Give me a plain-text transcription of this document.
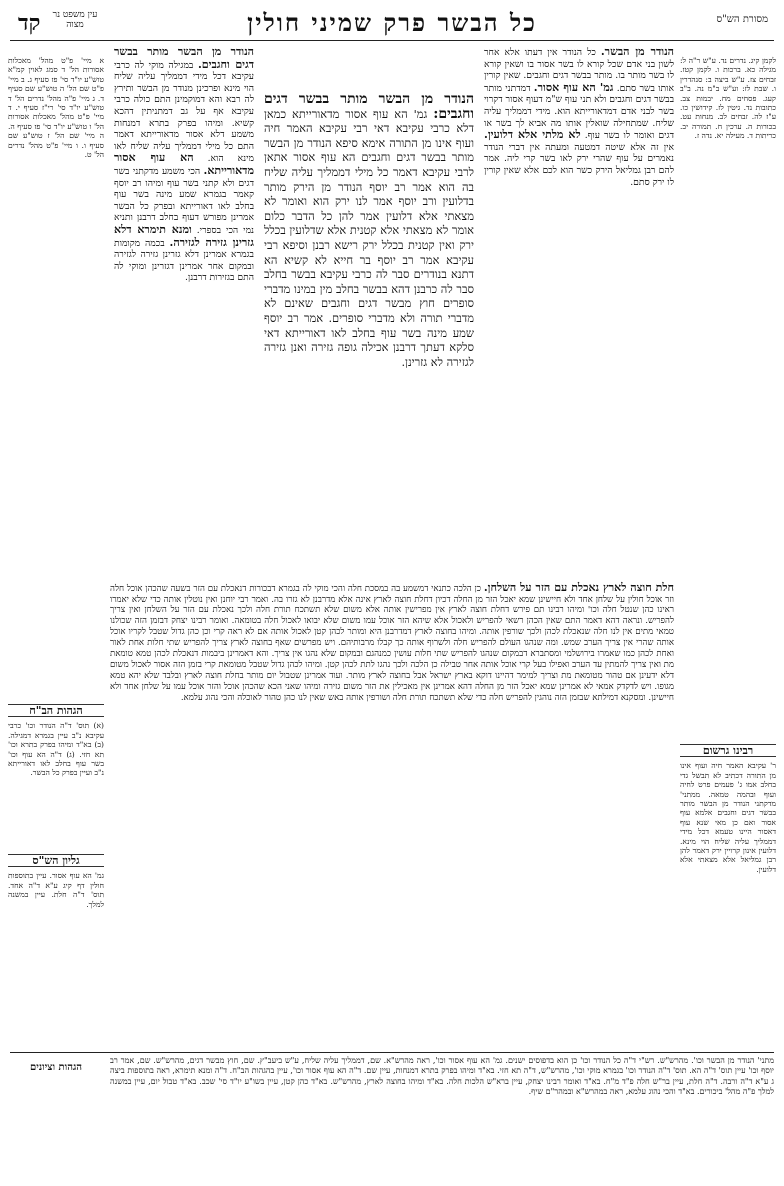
מסורת הש"ס
כל הבשר פרק שמיני חולין
עין משפט נר מצוה
קד

לקמן קיג. נדרים נד. ע"ש ר"ה ל: מגילה כא. ברכות ו. לקמן קטז. זבחים צז. ע"ש ביצה ב: סנהדרין ו. שבת לז: וע"ש ב"מ נה. ב"ב קעג. פסחים מח. יבמות צב. כתובות נד. גיטין לז. קידושין כו. ע"ז לה. זבחים לב. מנחות עט. בכורות ה. ערכין ח. תמורה יב. כריתות ד. מעילה יא. נדה ז.

הנודר מן הבשר. כל הנודר אין דעתו אלא אחר לשון בני אדם שכל קורא לו בשר אסור בו ושאין קורא לו בשר מותר בו. מותר בבשר דגים וחגבים. שאין קורין אותו בשר סתם. גמ' הא עוף אסור. דמדתני מותר בבשר דגים וחגבים ולא תני עוף ש"מ דעוף אסור דקרוי בשר לבני אדם דמדאורייתא הוא. מידי דממליך עליה שליח. שמתחילה שואלין אותו מה אביא לך בשר או דגים ואומר לו בשר עוף. לא מלתי אלא דלועין. אין זה אלא שיטה דמטעה ומעתה אין דברי הנודר נאמרים על עוף שהרי ירק לאו בשר קרי ליה. אמר להם רבן גמליאל הירק כשר הוא לכם אלא שאין קורין לו ירק סתם.

הנודר מן הבשר מותר בבשר דגים וחגבים: גמ' הא עוף אסור מדאורייתא כמאן דלא כרבי עקיבא דאי רבי עקיבא האמר חיה ועוף אינו מן התורה אימא סיפא הנודר מן הבשר מותר בבשר דגים וחגבים הא עוף אסור אתאן לרבי עקיבא דאמר כל מילי דממליך עליה שליח בה הוא אמר רב יוסף הנודר מן הירק מותר בדלועין ורב יוסף אמר לנו ירק הוא ואומר לא מצאתי אלא דלועין אמר להן כל הדבר כלום אומר לא מצאתי אלא קטנית אלא שדלועין בכלל ירק ואין קטנית בכלל ירק רישא רבנן וסיפא רבי עקיבא אמר רב יוסף בר חייא לא קשיא הא דתנא בנודרים סבר לה כרבי עקיבא בבשר בחלב סבר לה כרבנן דהא בבשר בחלב מין במינו מדברי סופרים חוץ מבשר דגים וחגבים שאינם לא מדברי תורה ולא מדברי סופרים. אמר רב יוסף שמע מינה בשר עוף בחלב לאו דאורייתא דאי סלקא דעתך דרבנן אכילה גופה גזירה ואנן גזירה לגזירה לא גזרינן.

הנודר מן הבשר מותר בבשר דגים וחגבים. במגילה מוקי לה כרבי עקיבא דכל מידי דממליך עליה שליח הוי מינא ופרכינן מנודר מן הבשר ותירץ לה רבא והא דמוקמינן התם כולה כרבי עקיבא אף על גב דמתניתין דהכא קשיא. ומיהו בפרק בתרא דמנחות משמע דלא אסור מדאורייתא דאמר התם כל מילי דממליך עליה שליח לאו מינא הוא. הא עוף אסור מדאורייתא. הכי משמע מדקתני בשר דגים ולא קתני בשר עוף ומיהו רב יוסף קאמר בגמרא שמע מינה בשר עוף בחלב לאו דאורייתא ובפרק כל הבשר אמרינן מפורש דעוף בחלב דרבנן ותניא נמי הכי בספרי. ומנא תימרא דלא גזרינן גזירה לגזירה. בכמה מקומות בגמרא אמרינן דלא גזרינן גזירה לגזירה ובמקום אחר אמרינן דגזרינן ומוקי לה התם בגזירות דרבנן.

א מיי' פ"ט מהל' מאכלות אסורות הל' ד סמג לאוין קמ"א טוש"ע יו"ד סי' פז סעיף ג. ב מיי' פ"ט שם הל' ה טוש"ע שם סעיף ד. ג מיי' פ"ה מהל' נדרים הל' ד טוש"ע יו"ד סי' רי"ז סעיף י. ד מיי' פ"ט מהל' מאכלות אסורות הל' ו טוש"ע יו"ד סי' פז סעיף ה. ה מיי' שם הל' ז טוש"ע שם סעיף ו. ו מיי' פ"ט מהל' נדרים הל' ט.

חלת חוצה לארץ נאכלת עם הזר על השלחן. כן הלכה כתנאי דמשמע בה במסכת חלה והכי מוקי לה בגמרא דבכורות דנאכלת עם הזר בשעה שהכהן אוכל חלה וזר אוכל חולין על שלחן אחד ולא חיישינן שמא יאכל הזר מן החלה דכיון דחלת חוצה לארץ אינה אלא מדרבנן לא גזרו בה. ואמר רבי יוחנן ואין נוטלין אותה כדי שלא יאמרו ראינו כהן שנטל חלה וכו' ומיהו רבינו תם פירש דחלת חוצה לארץ אין מפרישין אותה אלא משום שלא תשתכח תורת חלה ולכך נאכלת עם הזר על השלחן ואין צריך להפריש. ונראה דהא דאמר התם שאין הכהן רשאי להפריש ולאכול אלא שיהא הזר אוכל עמו משום שלא יבואו לאכול חלה בטומאה. ואומר רבינו יצחק דבזמן הזה שכולנו טמאי מתים אין לנו חלה שנאכלת לכהן ולכך שורפין אותה. ומיהו בחוצה לארץ דמדרבנן היא ומותר לכהן קטן לאכול אותה אם לא ראה קרי וכן כהן גדול שטבל לקריו אוכל אותה שהרי אין צריך הערב שמש. ומה שנהגו העולם להפריש חלה ולשרוף אותה כך קבלו מרבותיהם. ויש מפרשים שאף בחוצה לארץ צריך להפריש שתי חלות אחת לאור ואחת לכהן כמו שאמרו בירושלמי ומסתברא דבמקום שנהגו להפריש שתי חלות עושין כמנהגם ובמקום שלא נהגו אין צריך. והא דאמרינן ביבמות דנאכלת לכהן טמא טומאת מת ואין צריך להמתין עד הערב ואפילו בעל קרי אוכל אותה אחר טבילה כן הלכה ולכך נהגו לתת לכהן קטן. ומיהו לכהן גדול שטבל מטומאת קרי בזמן הזה אסור לאכול משום דלא ידעינן אם טהור מטומאת מת וצריך למימר דהיינו דוקא בארץ ישראל אבל בחוצה לארץ מותר. ועוד אמרינן שטבול יום מותר בחלת חוצה לארץ ובלבד שלא יהא טמא מגופו. ויש לדקדק אמאי לא אמרינן שמא יאכל הזר מן החלה דהא אמרינן אין מאכילין את הזר משום גזירה ומיהו שאני הכא שהכהן אוכל והזר אוכל עמו על שלחן אחד ולא חיישינן. ומסקנא דמילתא שבזמן הזה נוהגין להפריש חלה כדי שלא תשתכח תורת חלה ושורפין אותה באש שאין לנו כהן טהור לאוכלה והכי נהוג עלמא.

רבינו גרשום

ר' עקיבא האמר חיה ועוף אינו מן התורה דכתיב לא תבשל גדי בחלב אמו ג' פעמים פרט לחיה ועוף ובהמה טמאה. ממתני' מדקתני הנודר מן הבשר מותר בבשר דגים וחגבים אלמא עוף אסור ואם כן מאי שנא עוף דאסור היינו טעמא דכל מידי דממליך עליה שליח הוי מינא. דלועין אינון קרויין ירק דאמר להן רבן גמליאל אלא מצאתי אלא דלועין.

הגהות הב"ח

(א) תוס' ד"ה הנודר וכו' כרבי עקיבא נ"ב עיין בגמרא דמגילה. (ב) בא"ד ומיהו בפרק בתרא וכו' תא חזי. (ג) ד"ה הא עוף וכו' בשר עוף בחלב לאו דאורייתא נ"ב ועיין בפרק כל הבשר.

גליון הש"ס

גמ' הא עוף אסור. עיין בתוספות חולין דף קיג ע"א ד"ה אחד. תוס' ד"ה חלת. עיין במשנה למלך.

הגהות וציונים

מתני' הנודר מן הבשר וכו'. מהרש"ש. רש"י ד"ה כל הנודר וכו' כן הוא בדפוסים ישנים. גמ' הא עוף אסור וכו', ראה מהרש"א. שם, דממליך עליה שליח, ע"ש ביעב"ץ. שם, חוץ מבשר דגים, מהרש"ש. שם, אמר רב יוסף וכו' עיין תוס' ד"ה הא. תוס' ד"ה הנודר וכו' בגמרא מוקי וכו', מהרש"ש, ד"ה תא חזי. בא"ד ומיהו בפרק בתרא דמנחות, עיין שם. ד"ה הא עוף אסור וכו', עיין בהגהות הב"ח. ד"ה ומנא תימרא, ראה בתוספות ביצה ג ע"א ד"ה ורבה. ד"ה חלת, עיין בר"ש חלה פ"ד מ"ח. בא"ד ואומר רבינו יצחק, עיין ברא"ש הלכות חלה. בא"ד ומיהו בחוצה לארץ, מהרש"ש. בא"ד כהן קטן, עיין בשו"ע יו"ד סי' שכב. בא"ד טבול יום, עיין במשנה למלך פ"ה מהל' ביכורים. בא"ד והכי נהוג עלמא, ראה במהרש"א ובמהר"ם שיף.
